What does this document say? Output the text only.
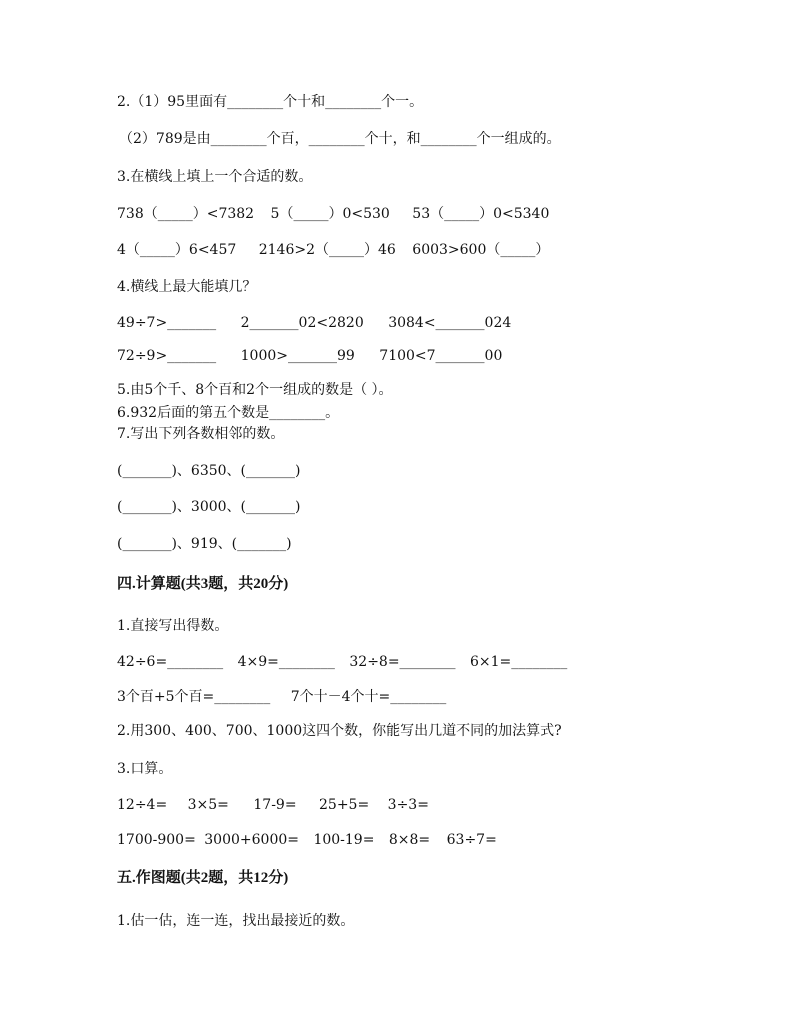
2.（1）95里面有________个十和________个一。
（2）789是由________个百，________个十，和________个一组成的。
3.在横线上填上一个合适的数。
738（_____）<7382 5（_____）0<530 53（_____）0<5340
4（_____）6<457 2146>2（_____）46 6003>600（_____）
4.横线上最大能填几？
49÷7>_______ 2_______02<2820 3084<_______024
72÷9>_______ 1000>_______99 7100<7_______00
5.由5个千、8个百和2个一组成的数是（ ）。
6.932后面的第五个数是________。
7.写出下列各数相邻的数。
(_______)、6350、(_______)
(_______)、3000、(_______)
(_______)、919、(_______)
四.计算题(共3题，共20分)
1.直接写出得数。
42÷6=________ 4×9=________ 32÷8=________ 6×1=________
3个百+5个百=________ 7个十－4个十=________
2.用300、400、700、1000这四个数，你能写出几道不同的加法算式?
3.口算。
12÷4= 3×5= 17-9= 25+5= 3÷3=
1700-900= 3000+6000= 100-19= 8×8= 63÷7=
五.作图题(共2题，共12分)
1.估一估，连一连，找出最接近的数。
